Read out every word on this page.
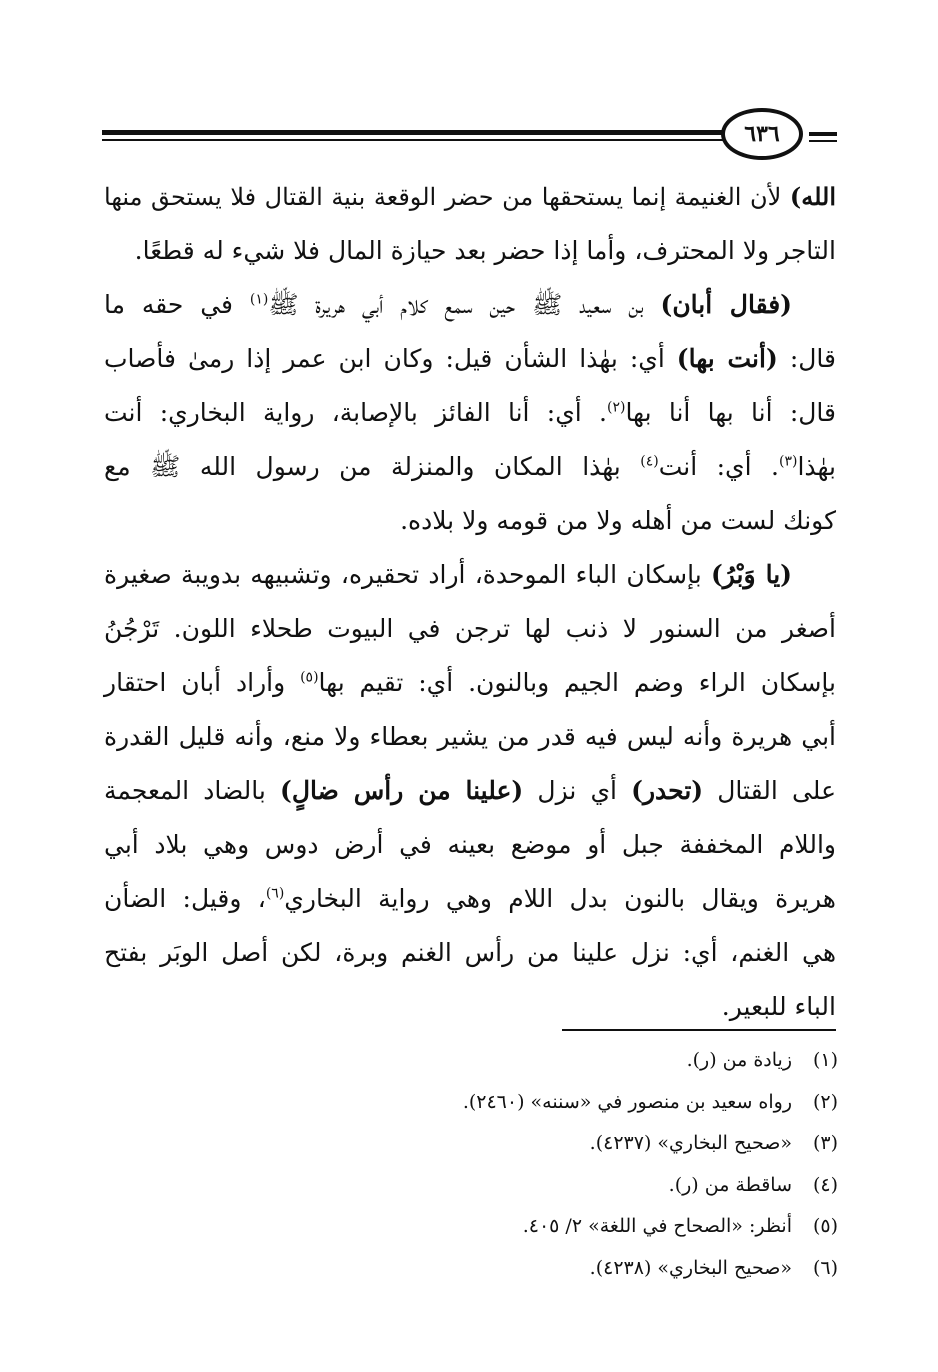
٦٣٦
الله) لأن الغنيمة إنما يستحقها من حضر الوقعة بنية القتال فلا يستحق منها
التاجر ولا المحترف، وأما إذا حضر بعد حيازة المال فلا شيء له قطعًا.
(فقال أبان) بن سعيد ﷺ حين سمع كلام أبي هريرة ﷺ$^{(١)}$ في حقه ما
قال: (أنت بها) أي: بهٰذا الشأن قيل: وكان ابن عمر إذا رمىٰ فأصاب
قال: أنا بها أنا بها$^{(٢)}$. أي: أنا الفائز بالإصابة، رواية البخاري: أنت
بهٰذا$^{(٣)}$. أي: أنت$^{(٤)}$ بهٰذا المكان والمنزلة من رسول الله ﷺ مع
كونك لست من أهله ولا من قومه ولا بلاده.
(يا وَبْرُ) بإسكان الباء الموحدة، أراد تحقيره، وتشبيهه بدويبة صغيرة
أصغر من السنور لا ذنب لها ترجن في البيوت طحلاء اللون. تَرْجُنُ
بإسكان الراء وضم الجيم وبالنون. أي: تقيم بها$^{(٥)}$ وأراد أبان احتقار
أبي هريرة وأنه ليس فيه قدر من يشير بعطاء ولا منع، وأنه قليل القدرة
على القتال (تحدر) أي نزل (علينا من رأس ضالٍ) بالضاد المعجمة
واللام المخففة جبل أو موضع بعينه في أرض دوس وهي بلاد أبي
هريرة ويقال بالنون بدل اللام وهي رواية البخاري$^{(٦)}$، وقيل: الضأن
هي الغنم، أي: نزل علينا من رأس الغنم وبرة، لكن أصل الوبَر بفتح
الباء للبعير.
(١)زيادة من (ر).
(٢)رواه سعيد بن منصور في «سننه» (٢٤٦٠).
(٣)«صحيح البخاري» (٤٢٣٧).
(٤)ساقطة من (ر).
(٥)أنظر: «الصحاح في اللغة» ٢/ ٤٠٥.
(٦)«صحيح البخاري» (٤٢٣٨).
